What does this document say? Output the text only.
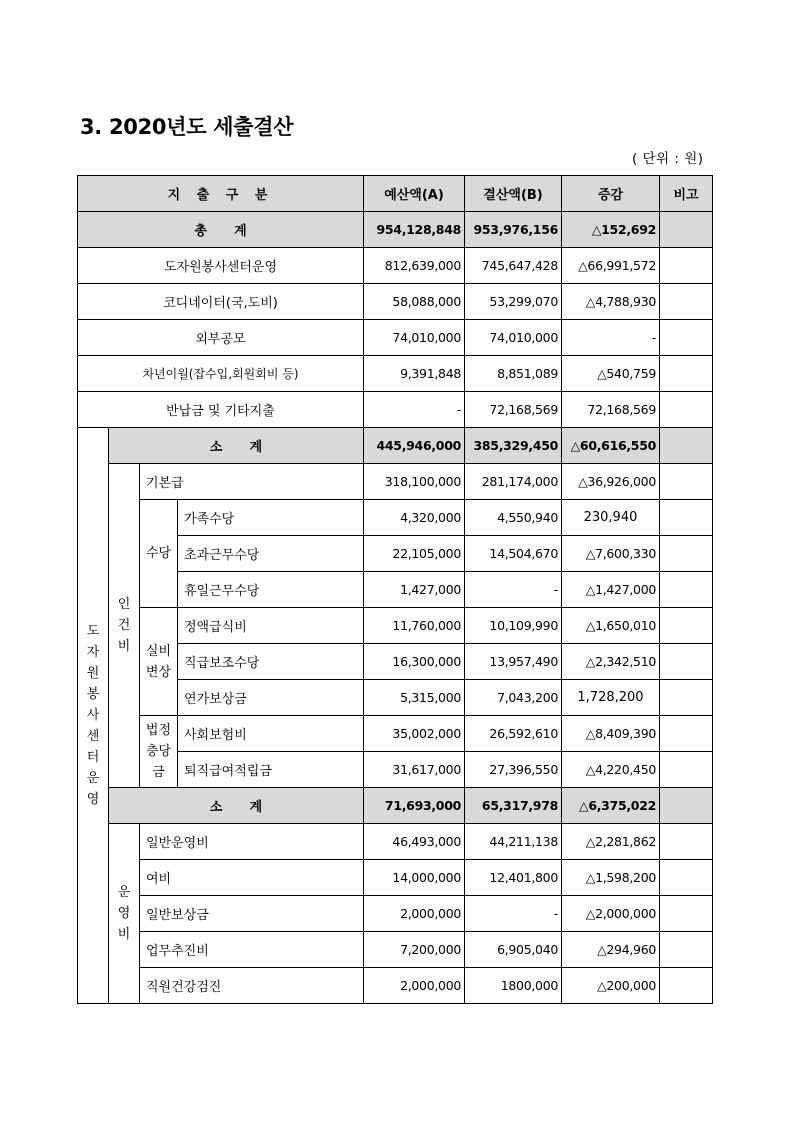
3. 2020년도 세출결산
( 단위 : 원)
지 출 구 분				예산액(A)	결산액(B)	증감	비고
총      계				954,128,848	953,976,156	△152,692	
도자원봉사센터운영				812,639,000	745,647,428	△66,991,572	
코디네이터(국,도비)				58,088,000	53,299,070	△4,788,930	
외부공모				74,010,000	74,010,000	-	
차년이월(잡수입,회원회비 등)				9,391,848	8,851,089	△540,759	
반납금 및 기타지출				-	72,168,569	72,168,569	
도자원봉사센터운영	소      계			445,946,000	385,329,450	△60,616,550	
	인건비	기본급		318,100,000	281,174,000	△36,926,000	
		수당	가족수당	4,320,000	4,550,940	230,940	
			초과근무수당	22,105,000	14,504,670	△7,600,330	
			휴일근무수당	1,427,000	-	△1,427,000	
		실비변상	정액급식비	11,760,000	10,109,990	△1,650,010	
			직급보조수당	16,300,000	13,957,490	△2,342,510	
			연가보상금	5,315,000	7,043,200	1,728,200	
		법정충당금	사회보험비	35,002,000	26,592,610	△8,409,390	
			퇴직급여적립금	31,617,000	27,396,550	△4,220,450	
	소      계			71,693,000	65,317,978	△6,375,022	
	운영비	일반운영비		46,493,000	44,211,138	△2,281,862	
		여비		14,000,000	12,401,800	△1,598,200	
		일반보상금		2,000,000	-	△2,000,000	
		업무추진비		7,200,000	6,905,040	△294,960	
		직원건강검진		2,000,000	1800,000	△200,000	
